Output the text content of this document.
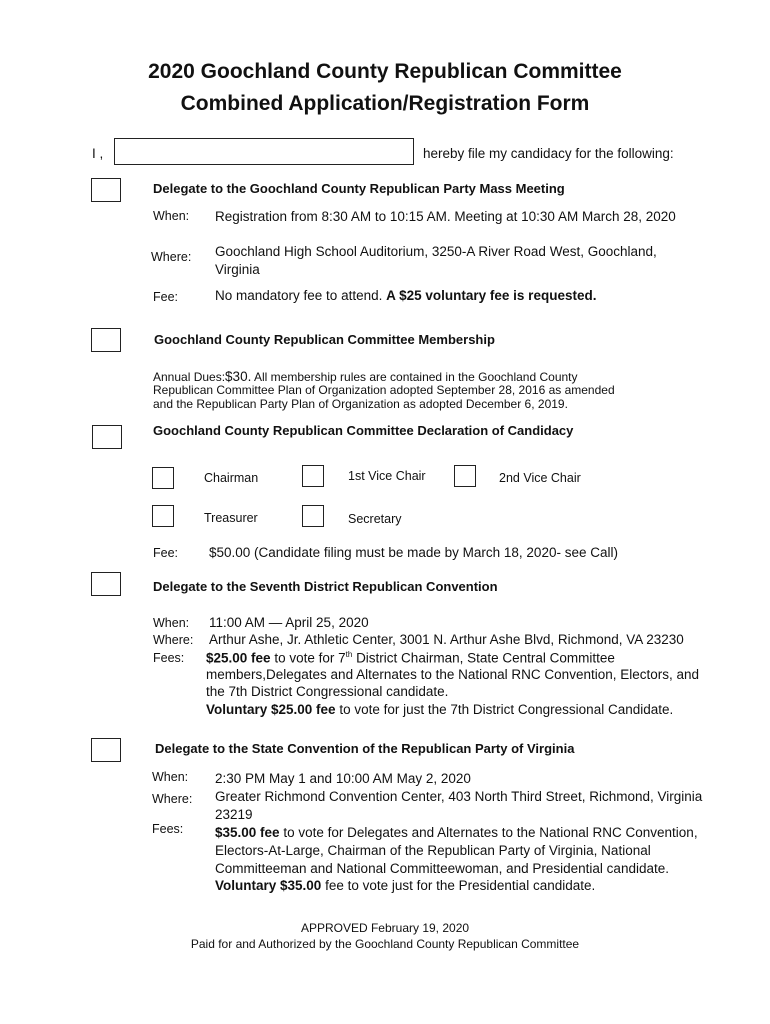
2020 Goochland County Republican Committee
Combined Application/Registration Form
I ,	hereby file my candidacy for the following:
Delegate to the Goochland County Republican Party Mass Meeting
When: Registration from 8:30 AM to 10:15 AM. Meeting at 10:30 AM March 28, 2020
Where: Goochland High School Auditorium, 3250-A River Road West, Goochland,
Virginia
Fee:	No mandatory fee to attend. A $25 voluntary fee is requested.
Goochland County Republican Committee Membership
Annual Dues:$30. All membership rules are contained in the Goochland County
Republican Committee Plan of Organization adopted September 28, 2016 as amended
and the Republican Party Plan of Organization as adopted December 6, 2019.
Goochland County Republican Committee Declaration of Candidacy
Chairman	1st Vice Chair	2nd Vice Chair
Treasurer	Secretary
Fee: $50.00 (Candidate filing must be made by March 18, 2020- see Call)
Delegate to the Seventh District Republican Convention
When: 11:00 AM — April 25, 2020
Where: Arthur Ashe, Jr. Athletic Center, 3001 N. Arthur Ashe Blvd, Richmond, VA 23230
Fees: $25.00 fee to vote for 7th District Chairman, State Central Committee
members,Delegates and Alternates to the National RNC Convention, Electors, and
the 7th District Congressional candidate.
Voluntary $25.00 fee to vote for just the 7th District Congressional Candidate.
Delegate to the State Convention of the Republican Party of Virginia
When: 2:30 PM May 1 and 10:00 AM May 2, 2020
Where: Greater Richmond Convention Center, 403 North Third Street, Richmond, Virginia
23219
Fees: $35.00 fee to vote for Delegates and Alternates to the National RNC Convention,
Electors-At-Large, Chairman of the Republican Party of Virginia, National
Committeeman and National Committeewoman, and Presidential candidate.
Voluntary $35.00 fee to vote just for the Presidential candidate.
APPROVED February 19, 2020
Paid for and Authorized by the Goochland County Republican Committee
